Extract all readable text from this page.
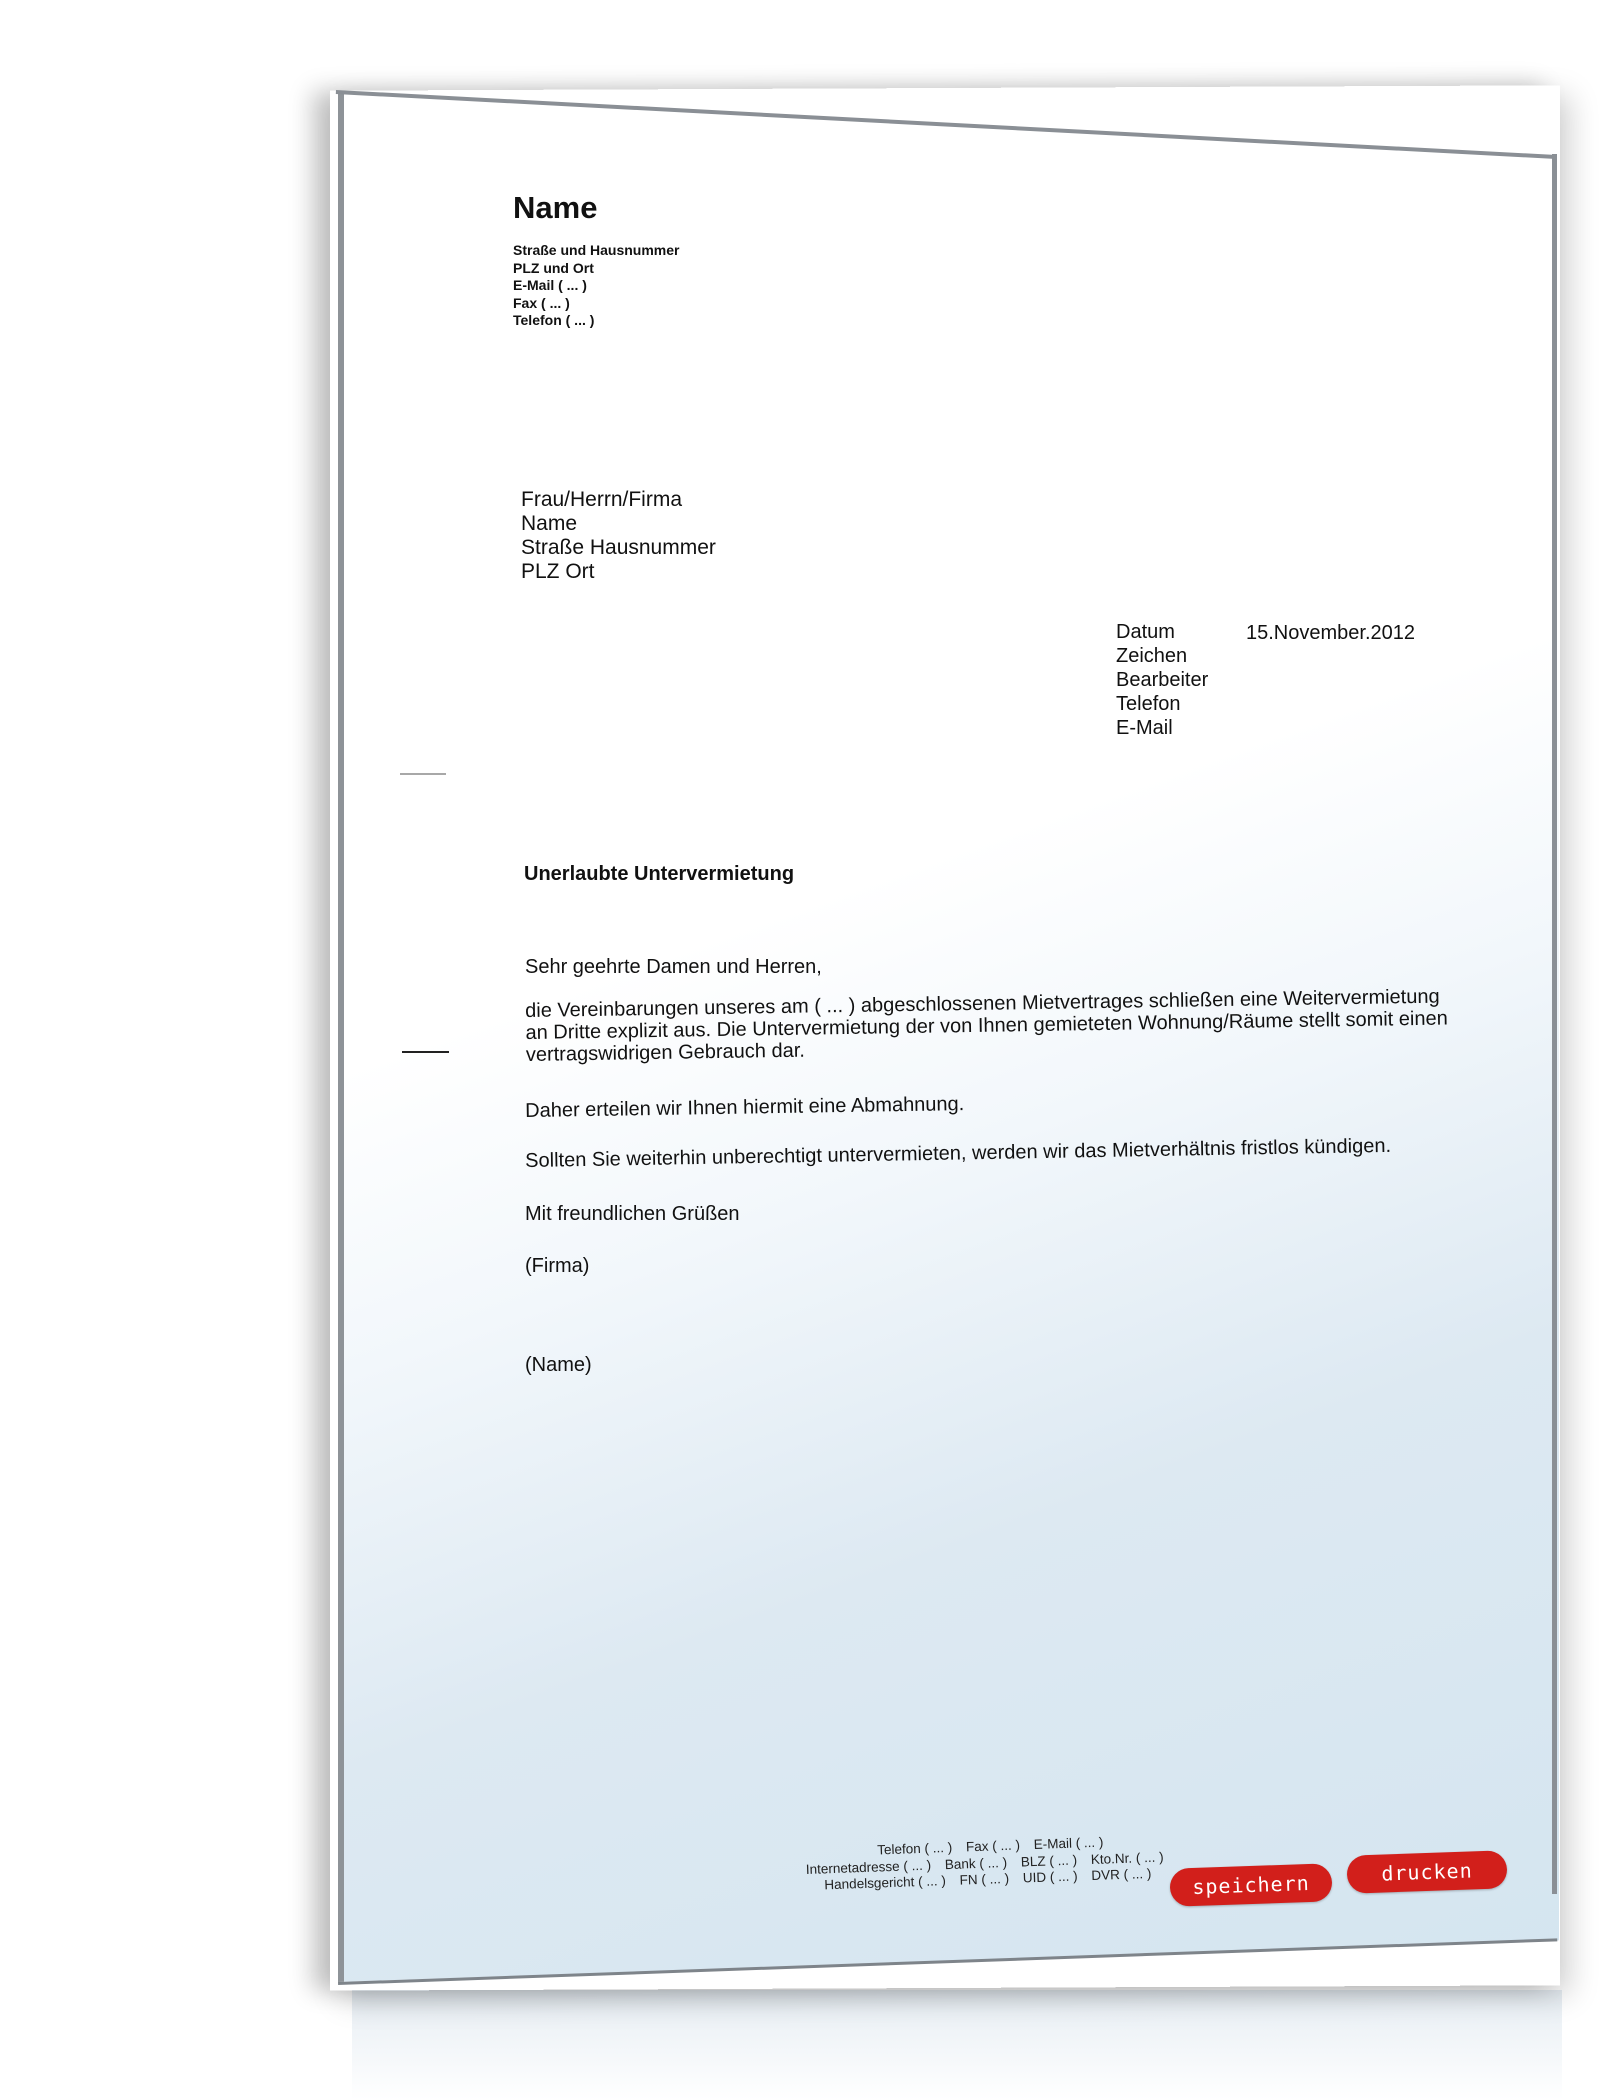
Name
Straße und Hausnummer
PLZ und Ort
E-Mail ( ... )
Fax ( ... )
Telefon ( ... )
Frau/Herrn/Firma
Name
Straße Hausnummer
PLZ Ort
Datum
Zeichen
Bearbeiter
Telefon
E-Mail
15.November.2012
Unerlaubte Untervermietung
Sehr geehrte Damen und Herren,
die Vereinbarungen unseres am ( ... ) abgeschlossenen Mietvertrages schließen eine Weitervermietung an Dritte explizit aus. Die Untervermietung der von Ihnen gemieteten Wohnung/Räume stellt somit einen vertragswidrigen Gebrauch dar.
Daher erteilen wir Ihnen hiermit eine Abmahnung.
Sollten Sie weiterhin unberechtigt untervermieten, werden wir das Mietverhältnis fristlos kündigen.
Mit freundlichen Grüßen
(Firma)
(Name)
Telefon ( ... ) Fax ( ... ) E-Mail ( ... )
Internetadresse ( ... ) Bank ( ... ) BLZ ( ... ) Kto.Nr. ( ... )
Handelsgericht ( ... ) FN ( ... ) UID ( ... ) DVR ( ... )	speichern	drucken
